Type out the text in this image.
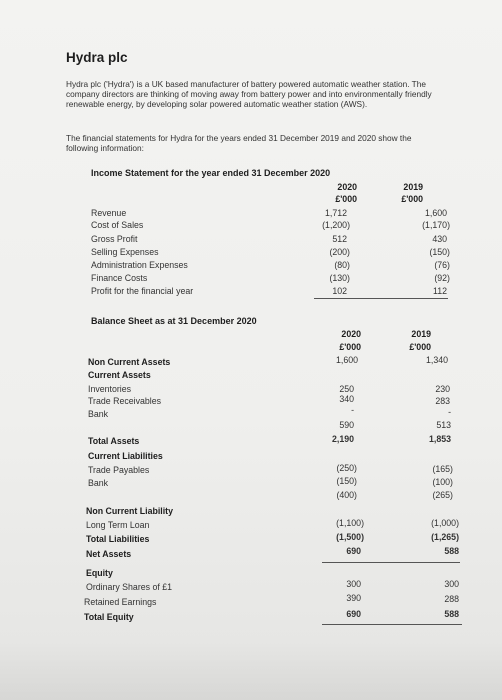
Hydra plc
Hydra plc ('Hydra') is a UK based manufacturer of battery powered automatic weather station. The company directors are thinking of moving away from battery power and into environmentally friendly renewable energy, by developing solar powered automatic weather station (AWS).
The financial statements for Hydra for the years ended 31 December 2019 and 2020 show the following information:
Income Statement for the year ended 31 December 2020
2020	2019
£'000	£'000
Revenue	1,712	1,600
Cost of Sales	(1,200)	(1,170)
Gross Profit	512	430
Selling Expenses	(200)	(150)
Administration Expenses	(80)	(76)
Finance Costs	(130)	(92)
Profit for the financial year	102	112
Balance Sheet as at 31 December 2020
2020	2019
£'000	£'000
Non Current Assets	1,600	1,340
Current Assets
Inventories	250	230
Trade Receivables	340	283
Bank	-	-
590	513
Total Assets	2,190	1,853
Current Liabilities
Trade Payables	(250)	(165)
Bank	(150)	(100)
(400)	(265)
Non Current Liability
Long Term Loan	(1,100)	(1,000)
Total Liabilities	(1,500)	(1,265)
Net Assets	690	588
Equity
Ordinary Shares of £1	300	300
Retained Earnings	390	288
Total Equity	690	588
